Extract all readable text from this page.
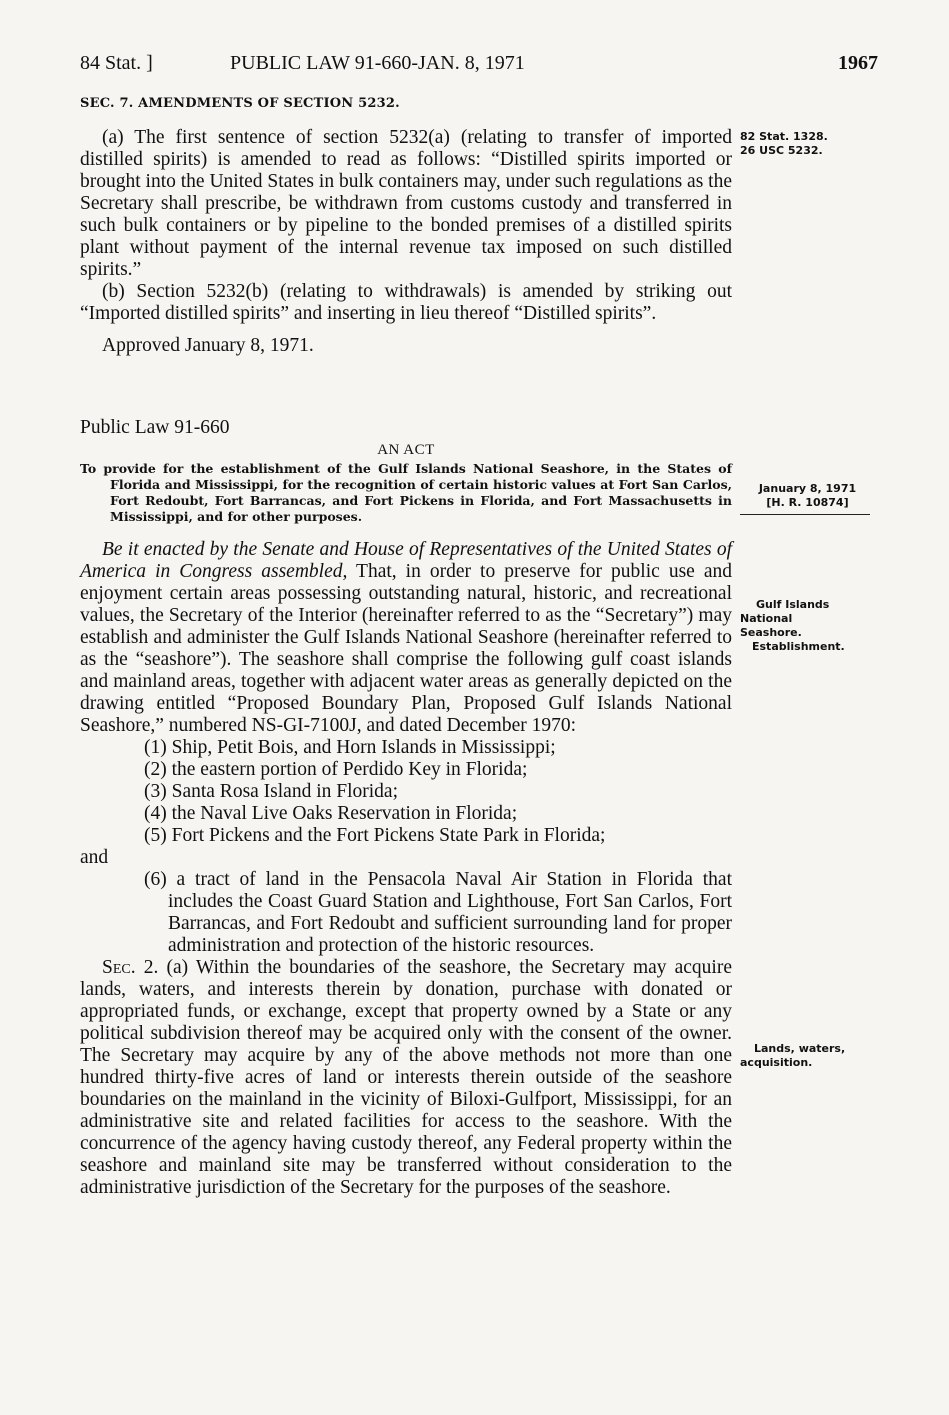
84 Stat. ]	PUBLIC LAW 91-660-JAN. 8, 1971	1967
SEC. 7. AMENDMENTS OF SECTION 5232.

(a) The first sentence of section 5232(a) (relating to transfer of imported distilled spirits) is amended to read as follows: “Distilled spirits imported or brought into the United States in bulk containers may, under such regulations as the Secretary shall prescribe, be withdrawn from customs custody and transferred in such bulk containers or by pipeline to the bonded premises of a distilled spirits plant without payment of the internal revenue tax imposed on such distilled spirits.”

(b) Section 5232(b) (relating to withdrawals) is amended by striking out “Imported distilled spirits” and inserting in lieu thereof “Distilled spirits”.

Approved January 8, 1971.

Public Law 91-660

AN ACT
To provide for the establishment of the Gulf Islands National Seashore, in the States of Florida and Mississippi, for the recognition of certain historic values at Fort San Carlos, Fort Redoubt, Fort Barrancas, and Fort Pickens in Florida, and Fort Massachusetts in Mississippi, and for other purposes.

Be it enacted by the Senate and House of Representatives of the United States of America in Congress assembled, That, in order to preserve for public use and enjoyment certain areas possessing outstanding natural, historic, and recreational values, the Secretary of the Interior (hereinafter referred to as the “Secretary”) may establish and administer the Gulf Islands National Seashore (hereinafter referred to as the “seashore”). The seashore shall comprise the following gulf coast islands and mainland areas, together with adjacent water areas as generally depicted on the drawing entitled “Proposed Boundary Plan, Proposed Gulf Islands National Seashore,” numbered NS-GI-7100J, and dated December 1970:

(1) Ship, Petit Bois, and Horn Islands in Mississippi;
(2) the eastern portion of Perdido Key in Florida;
(3) Santa Rosa Island in Florida;
(4) the Naval Live Oaks Reservation in Florida;
(5) Fort Pickens and the Fort Pickens State Park in Florida;

and

(6) a tract of land in the Pensacola Naval Air Station in Florida that includes the Coast Guard Station and Lighthouse, Fort San Carlos, Fort Barrancas, and Fort Redoubt and sufficient surrounding land for proper administration and protection of the historic resources.

Sec. 2. (a) Within the boundaries of the seashore, the Secretary may acquire lands, waters, and interests therein by donation, purchase with donated or appropriated funds, or exchange, except that property owned by a State or any political subdivision thereof may be acquired only with the consent of the owner. The Secretary may acquire by any of the above methods not more than one hundred thirty-five acres of land or interests therein outside of the seashore boundaries on the mainland in the vicinity of Biloxi-Gulfport, Mississippi, for an administrative site and related facilities for access to the seashore. With the concurrence of the agency having custody thereof, any Federal property within the seashore and mainland site may be transferred without consideration to the administrative jurisdiction of the Secretary for the purposes of the seashore.

82 Stat. 1328.
26 USC 5232.
January 8, 1971
[H. R. 10874]
Gulf Islands
National
Seashore.
Establishment.
Lands, waters,
acquisition.
